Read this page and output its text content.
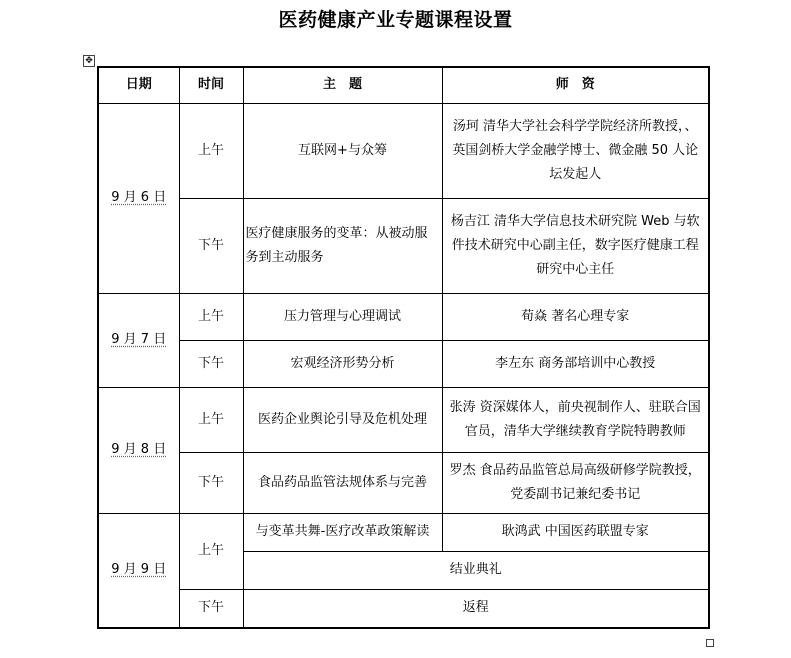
医药健康产业专题课程设置
✥
日期	时间	主　题	师　资
9 月 6 日	上午	互联网+与众筹	汤珂 清华大学社会科学学院经济所教授，、英国剑桥大学金融学博士、微金融 50 人论坛发起人

	下午	医疗健康服务的变革：从被动服务到主动服务	杨吉江 清华大学信息技术研究院 Web 与软件技术研究中心副主任，数字医疗健康工程研究中心主任

9 月 7 日	上午	压力管理与心理调试	荀焱 著名心理专家
	下午	宏观经济形势分析	李左东 商务部培训中心教授
9 月 8 日	上午	医药企业舆论引导及危机处理	张涛 资深媒体人，前央视制作人、驻联合国官员，清华大学继续教育学院特聘教师

	下午	食品药品监管法规体系与完善	罗杰 食品药品监管总局高级研修学院教授，党委副书记兼纪委书记

9 月 9 日	上午	与变革共舞-医疗改革政策解读	耿鸿武 中国医药联盟专家
		结业典礼	
	下午	返程	
